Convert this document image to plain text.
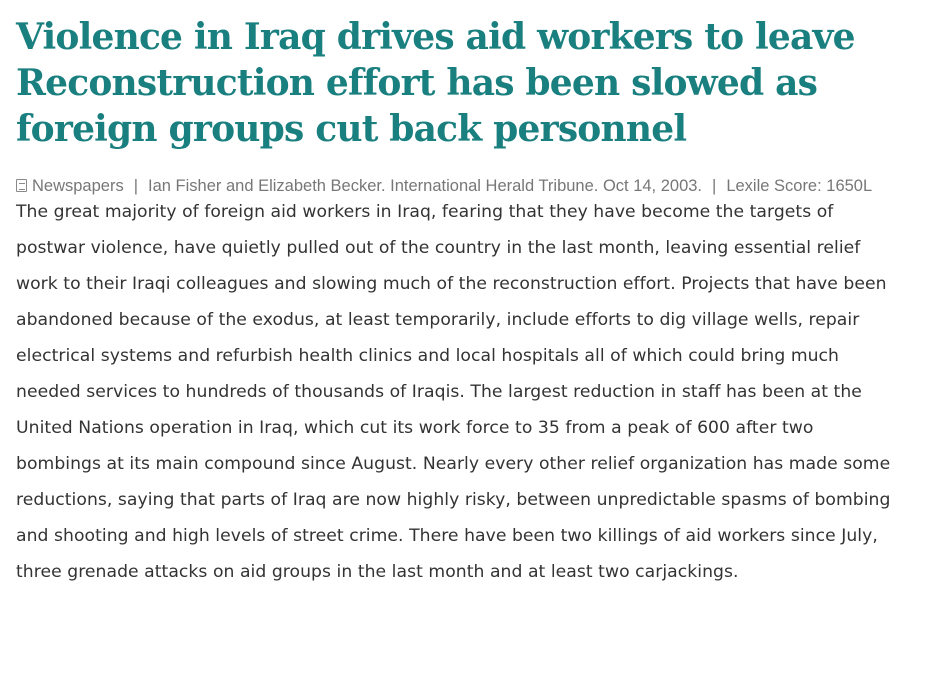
Violence in Iraq drives aid workers to leave
Reconstruction effort has been slowed as
foreign groups cut back personnel
Newspapers | Ian Fisher and Elizabeth Becker. International Herald Tribune. Oct 14, 2003. | Lexile Score: 1650L

The great majority of foreign aid workers in Iraq, fearing that they have become the targets of postwar violence, have quietly pulled out of the country in the last month, leaving essential relief work to their Iraqi colleagues and slowing much of the reconstruction effort. Projects that have been abandoned because of the exodus, at least temporarily, include efforts to dig village wells, repair electrical systems and refurbish health clinics and local hospitals all of which could bring much needed services to hundreds of thousands of Iraqis. The largest reduction in staff has been at the United Nations operation in Iraq, which cut its work force to 35 from a peak of 600 after two bombings at its main compound since August. Nearly every other relief organization has made some reductions, saying that parts of Iraq are now highly risky, between unpredictable spasms of bombing and shooting and high levels of street crime. There have been two killings of aid workers since July, three grenade attacks on aid groups in the last month and at least two carjackings.
